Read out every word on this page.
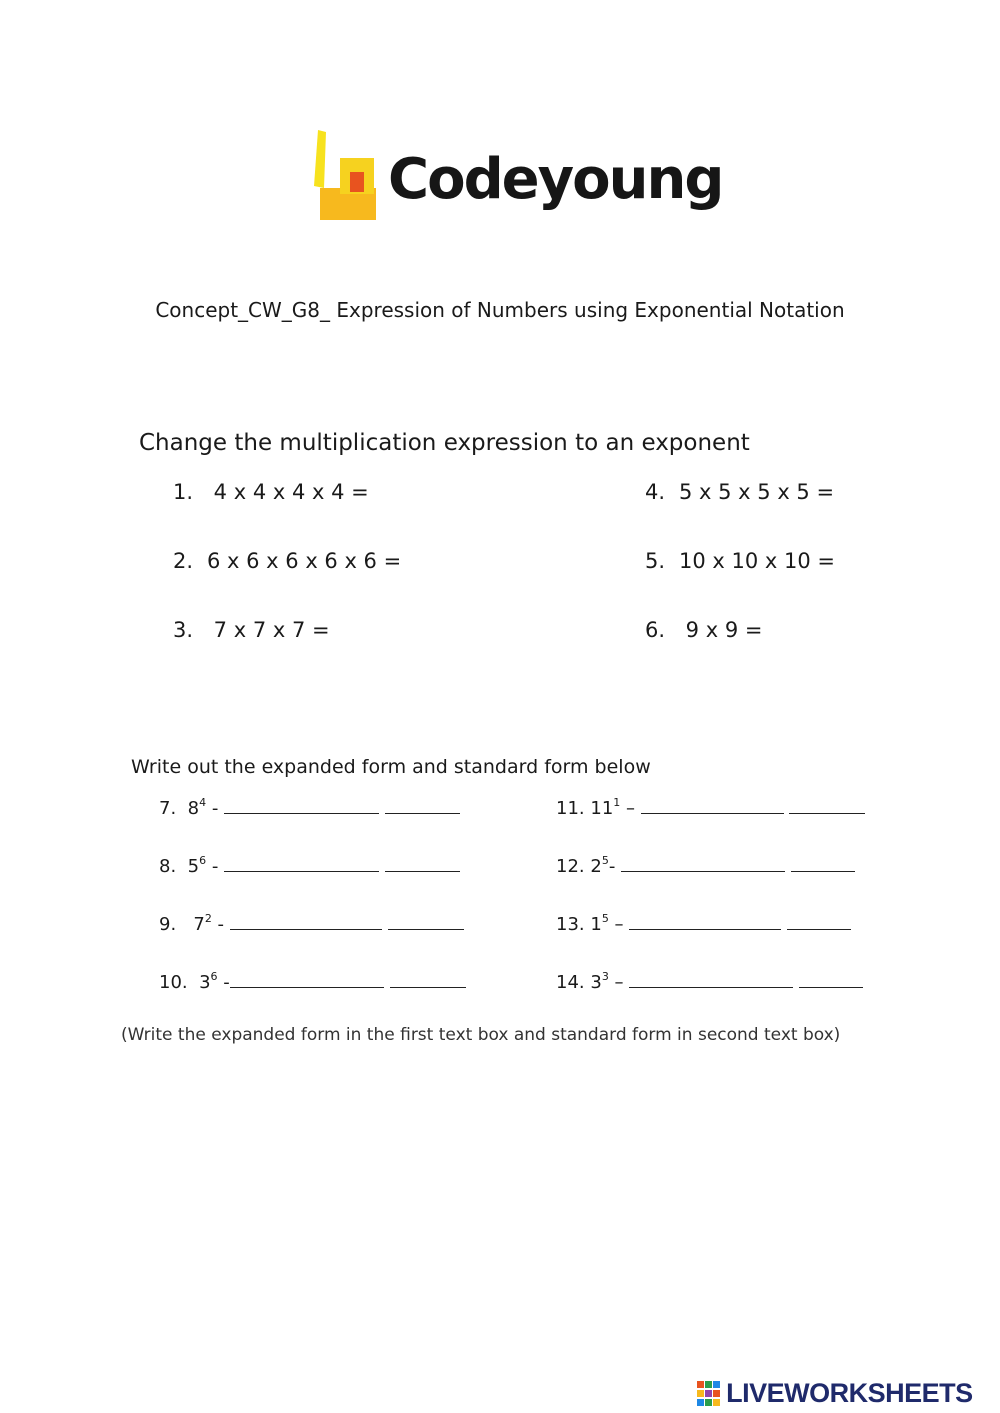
Codeyoung
Concept_CW_G8_ Expression of Numbers using Exponential Notation
Change the multiplication expression to an exponent
1. 4 x 4 x 4 x 4 =
2. 6 x 6 x 6 x 6 x 6 =
3. 7 x 7 x 7 =
4. 5 x 5 x 5 x 5 =
5. 10 x 10 x 10 =
6. 9 x 9 =
Write out the expanded form and standard form below
7. $8^4$ -
8. $5^6$ -
9.   $7^2$ -
10. $3^6$ -
11. $11^1$ –
12. $2^5-$
13. $1^5$ –
14. $3^3$ –
(Write the expanded form in the first text box and standard form in second text box)
LIVEWORKSHEETS
